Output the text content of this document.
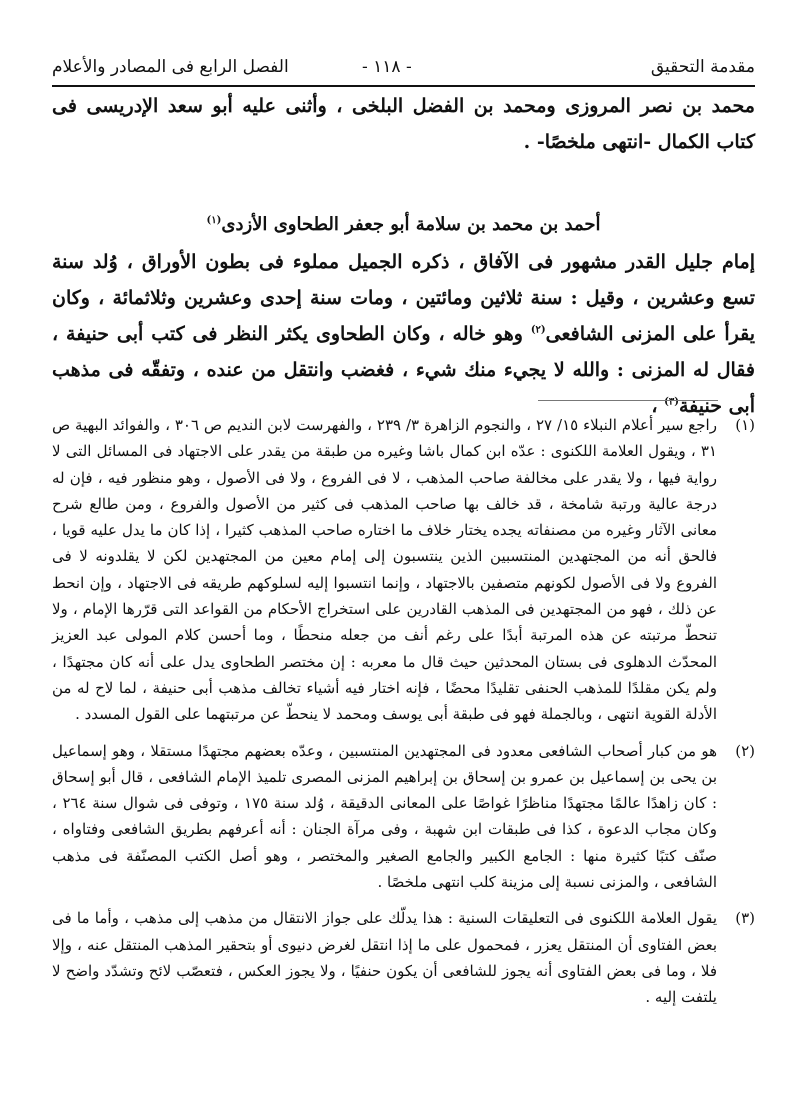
مقدمة التحقيق
- ١١٨ -
الفصل الرابع فى المصادر والأعلام

محمد بن نصر المروزى ومحمد بن الفضل البلخى ، وأثنى عليه أبو سعد الإدريسى فى كتاب الكمال -انتهى ملخصًا- .

أحمد بن محمد بن سلامة أبو جعفر الطحاوى الأزدى$^{(١)}$

إمام جليل القدر مشهور فى الآفاق ، ذكره الجميل مملوء فى بطون الأوراق ، وُلد سنة تسع وعشرين ، وقيل : سنة ثلاثين ومائتين ، ومات سنة إحدى وعشرين وثلاثمائة ، وكان يقرأ على المزنى الشافعى$^{(٢)}$ وهو خاله ، وكان الطحاوى يكثر النظر فى كتب أبى حنيفة ، فقال له المزنى : والله لا يجيء منك شيء ، فغضب وانتقل من عنده ، وتفقّه فى مذهب أبى حنيفة$^{(٣)}$ ،

(١)

راجع سير أعلام النبلاء ١٥/ ٢٧ ، والنجوم الزاهرة ٣/ ٢٣٩ ، والفهرست لابن النديم ص ٣٠٦ ، والفوائد البهية ص ٣١ ، ويقول العلامة اللكنوى : عدّه ابن كمال باشا وغيره من طبقة من يقدر على الاجتهاد فى المسائل التى لا رواية فيها ، ولا يقدر على مخالفة صاحب المذهب ، لا فى الفروع ، ولا فى الأصول ، وهو منظور فيه ، فإن له درجة عالية ورتبة شامخة ، قد خالف بها صاحب المذهب فى كثير من الأصول والفروع ، ومن طالع شرح معانى الآثار وغيره من مصنفاته يجده يختار خلاف ما اختاره صاحب المذهب كثيرا ، إذا كان ما يدل عليه قويا ، فالحق أنه من المجتهدين المنتسبين الذين ينتسبون إلى إمام معين من المجتهدين لكن لا يقلدونه لا فى الفروع ولا فى الأصول لكونهم متصفين بالاجتهاد ، وإنما انتسبوا إليه لسلوكهم طريقه فى الاجتهاد ، وإن انحط عن ذلك ، فهو من المجتهدين فى المذهب القادرين على استخراج الأحكام من القواعد التى قرّرها الإمام ، ولا تنحطّ مرتبته عن هذه المرتبة أبدًا على رغم أنف من جعله منحطًا ، وما أحسن كلام المولى عبد العزيز المحدّث الدهلوى فى بستان المحدثين حيث قال ما معربه : إن مختصر الطحاوى يدل على أنه كان مجتهدًا ، ولم يكن مقلدًا للمذهب الحنفى تقليدًا محضًا ، فإنه اختار فيه أشياء تخالف مذهب أبى حنيفة ، لما لاح له من الأدلة القوية انتهى ، وبالجملة فهو فى طبقة أبى يوسف ومحمد لا ينحطّ عن مرتبتهما على القول المسدد .

(٢)

هو من كبار أصحاب الشافعى معدود فى المجتهدين المنتسبين ، وعدّه بعضهم مجتهدًا مستقلا ، وهو إسماعيل بن يحى بن إسماعيل بن عمرو بن إسحاق بن إبراهيم المزنى المصرى تلميذ الإمام الشافعى ، قال أبو إسحاق : كان زاهدًا عالمًا مجتهدًا مناظرًا غواصًا على المعانى الدقيقة ، وُلد سنة ١٧٥ ، وتوفى فى شوال سنة ٢٦٤ ، وكان مجاب الدعوة ، كذا فى طبقات ابن شهبة ، وفى مرآة الجنان : أنه أعرفهم بطريق الشافعى وفتاواه ، صنّف كتبًا كثيرة منها : الجامع الكبير والجامع الصغير والمختصر ، وهو أصل الكتب المصنّفة فى مذهب الشافعى ، والمزنى نسبة إلى مزينة كلب انتهى ملخصًا .

(٣)

يقول العلامة اللكنوى فى التعليقات السنية : هذا يدلّك على جواز الانتقال من مذهب إلى مذهب ، وأما ما فى بعض الفتاوى أن المنتقل يعزر ، فمحمول على ما إذا انتقل لغرض دنيوى أو بتحقير المذهب المنتقل عنه ، وإلا فلا ، وما فى بعض الفتاوى أنه يجوز للشافعى أن يكون حنفيًا ، ولا يجوز العكس ، فتعصّب لائح وتشدّد واضح لا يلتفت إليه .
